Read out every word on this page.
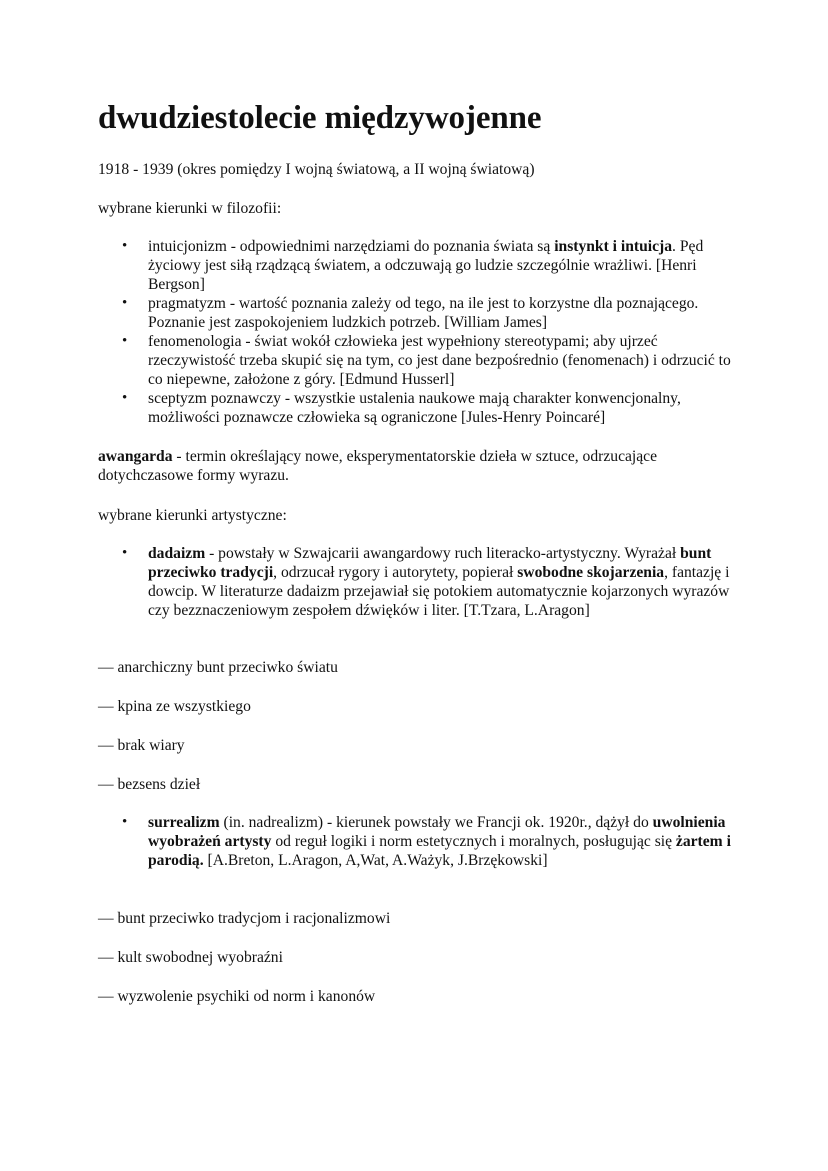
dwudziestolecie międzywojenne

1918 - 1939 (okres pomiędzy I wojną światową, a II wojną światową)

wybrane kierunki w filozofii:

• intuicjonizm - odpowiednimi narzędziami do poznania świata są instynkt i intuicja. Pęd życiowy jest siłą rządzącą światem, a odczuwają go ludzie szczególnie wrażliwi. [Henri Bergson]
• pragmatyzm - wartość poznania zależy od tego, na ile jest to korzystne dla poznającego. Poznanie jest zaspokojeniem ludzkich potrzeb. [William James]
• fenomenologia - świat wokół człowieka jest wypełniony stereotypami; aby ujrzeć rzeczywistość trzeba skupić się na tym, co jest dane bezpośrednio (fenomenach) i odrzucić to co niepewne, założone z góry. [Edmund Husserl]
• sceptyzm poznawczy - wszystkie ustalenia naukowe mają charakter konwencjonalny, możliwości poznawcze człowieka są ograniczone [Jules-Henry Poincaré]

awangarda - termin określający nowe, eksperymentatorskie dzieła w sztuce, odrzucające dotychczasowe formy wyrazu.

wybrane kierunki artystyczne:

• dadaizm - powstały w Szwajcarii awangardowy ruch literacko-artystyczny. Wyrażał bunt przeciwko tradycji, odrzucał rygory i autorytety, popierał swobodne skojarzenia, fantazję i dowcip. W literaturze dadaizm przejawiał się potokiem automatycznie kojarzonych wyrazów czy bezznaczeniowym zespołem dźwięków i liter. [T.Tzara, L.Aragon]

— anarchiczny bunt przeciwko światu

— kpina ze wszystkiego

— brak wiary

— bezsens dzieł

• surrealizm (in. nadrealizm) - kierunek powstały we Francji ok. 1920r., dążył do uwolnienia wyobrażeń artysty od reguł logiki i norm estetycznych i moralnych, posługując się żartem i parodią. [A.Breton, L.Aragon, A,Wat, A.Ważyk, J.Brzękowski]

— bunt przeciwko tradycjom i racjonalizmowi

— kult swobodnej wyobraźni

— wyzwolenie psychiki od norm i kanonów
